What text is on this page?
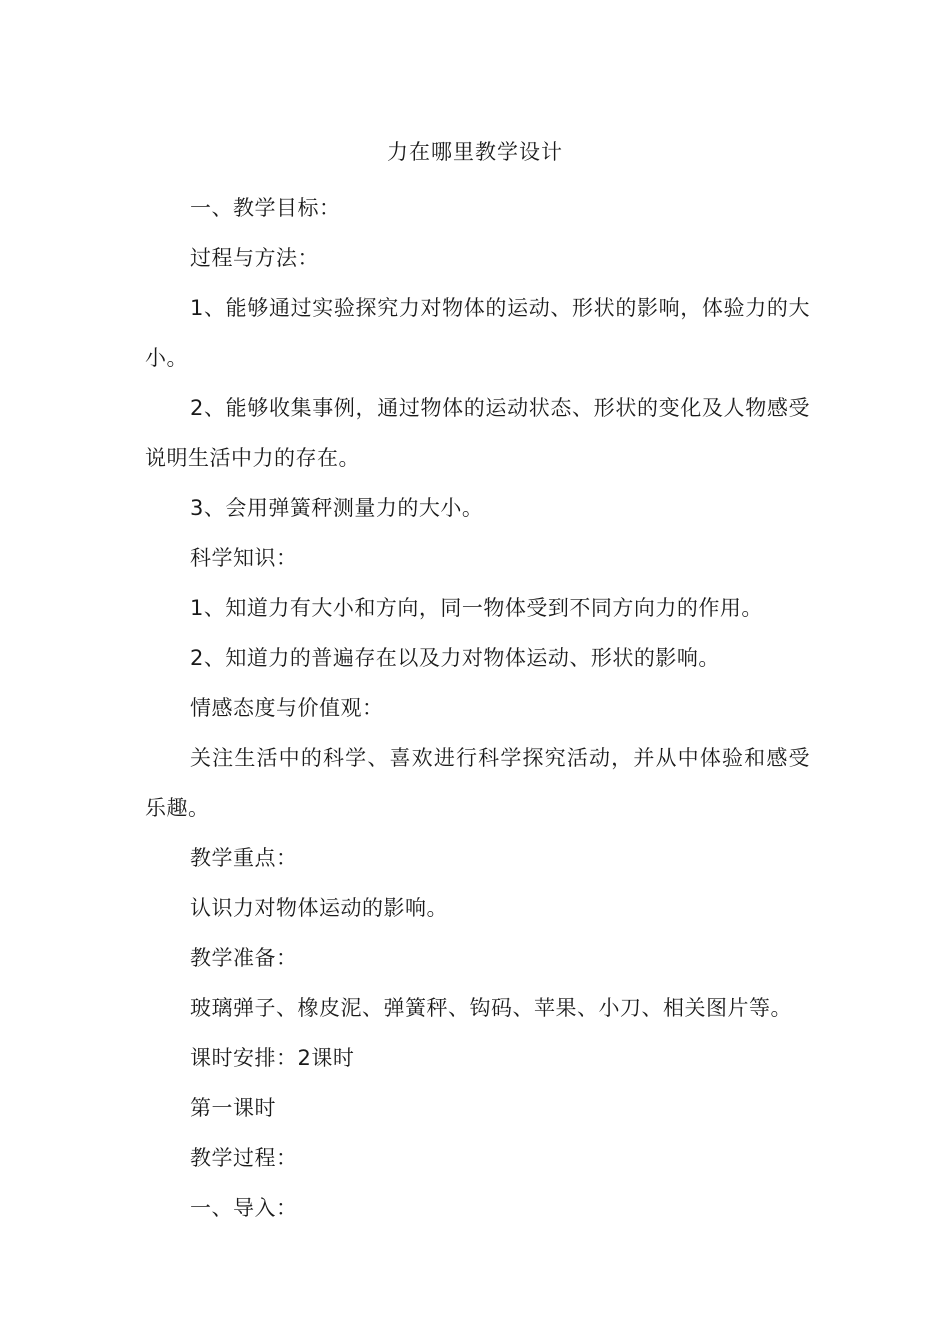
力在哪里教学设计

一、教学目标：

过程与方法：

1、能够通过实验探究力对物体的运动、形状的影响，体验力的大小。

2、能够收集事例，通过物体的运动状态、形状的变化及人物感受说明生活中力的存在。

3、会用弹簧秤测量力的大小。

科学知识：

1、知道力有大小和方向，同一物体受到不同方向力的作用。

2、知道力的普遍存在以及力对物体运动、形状的影响。

情感态度与价值观：

关注生活中的科学、喜欢进行科学探究活动，并从中体验和感受乐趣。

教学重点：

认识力对物体运动的影响。

教学准备：

玻璃弹子、橡皮泥、弹簧秤、钩码、苹果、小刀、相关图片等。

课时安排：2课时

第一课时

教学过程：

一、导入：
